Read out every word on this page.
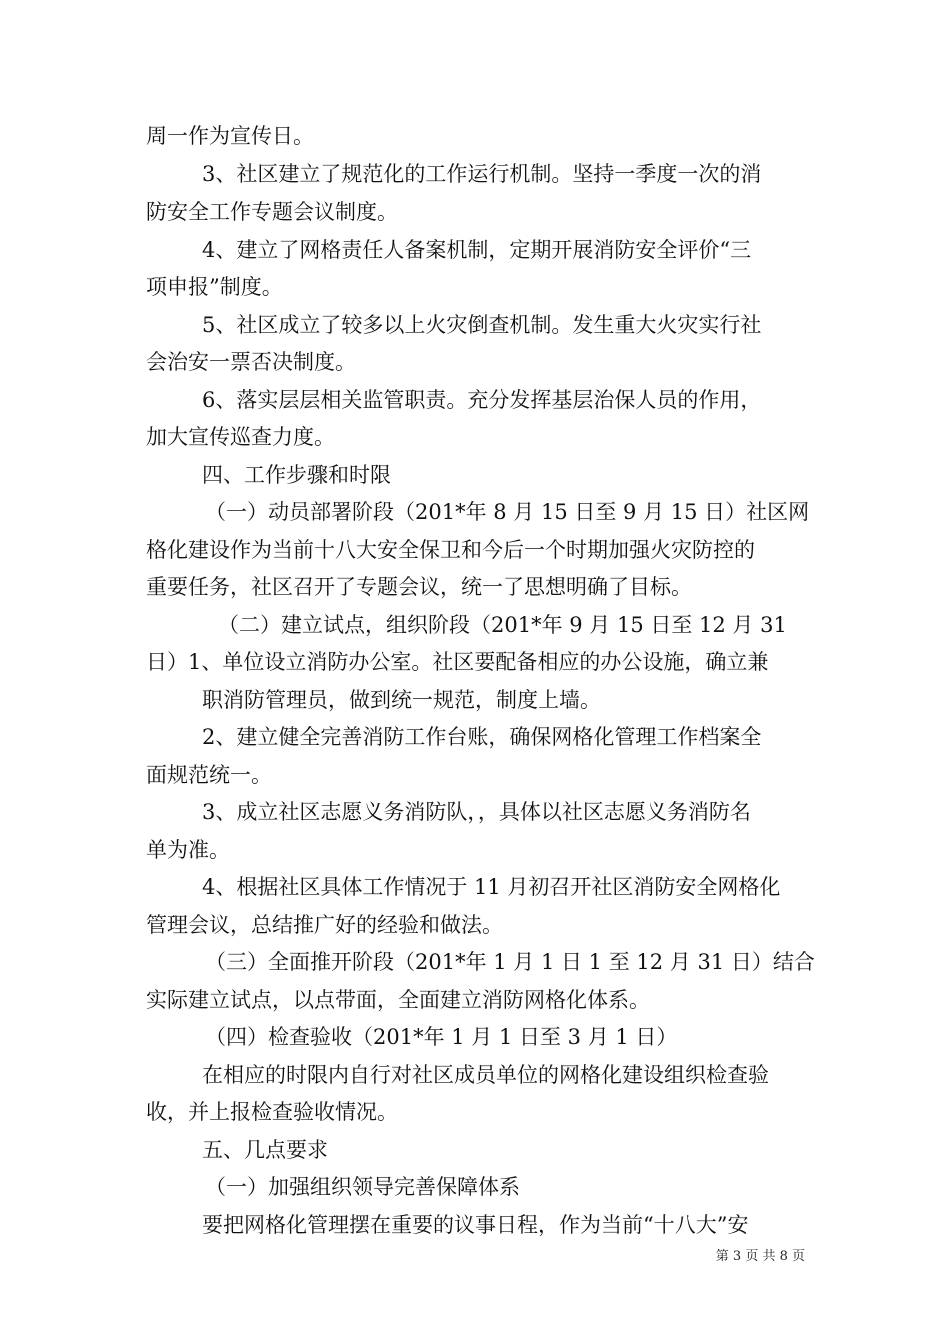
周一作为宣传日。
3、社区建立了规范化的工作运行机制。坚持一季度一次的消
防安全工作专题会议制度。
4、建立了网格责任人备案机制，定期开展消防安全评价“三
项申报”制度。
5、社区成立了较多以上火灾倒查机制。发生重大火灾实行社
会治安一票否决制度。
6、落实层层相关监管职责。充分发挥基层治保人员的作用，
加大宣传巡查力度。
四、工作步骤和时限
（一）动员部署阶段（201*年 8 月 15 日至 9 月 15 日）社区网
格化建设作为当前十八大安全保卫和今后一个时期加强火灾防控的
重要任务，社区召开了专题会议，统一了思想明确了目标。
（二）建立试点，组织阶段（201*年 9 月 15 日至 12 月 31
日）1、单位设立消防办公室。社区要配备相应的办公设施，确立兼
职消防管理员，做到统一规范，制度上墙。
2、建立健全完善消防工作台账，确保网格化管理工作档案全
面规范统一。
3、成立社区志愿义务消防队，，具体以社区志愿义务消防名
单为准。
4、根据社区具体工作情况于 11 月初召开社区消防安全网格化
管理会议，总结推广好的经验和做法。
（三）全面推开阶段（201*年 1 月 1 日 1 至 12 月 31 日）结合
实际建立试点，以点带面，全面建立消防网格化体系。
（四）检查验收（201*年 1 月 1 日至 3 月 1 日）
在相应的时限内自行对社区成员单位的网格化建设组织检查验
收，并上报检查验收情况。
五、几点要求
（一）加强组织领导完善保障体系
要把网格化管理摆在重要的议事日程，作为当前“十八大”安
第 3 页 共 8 页
